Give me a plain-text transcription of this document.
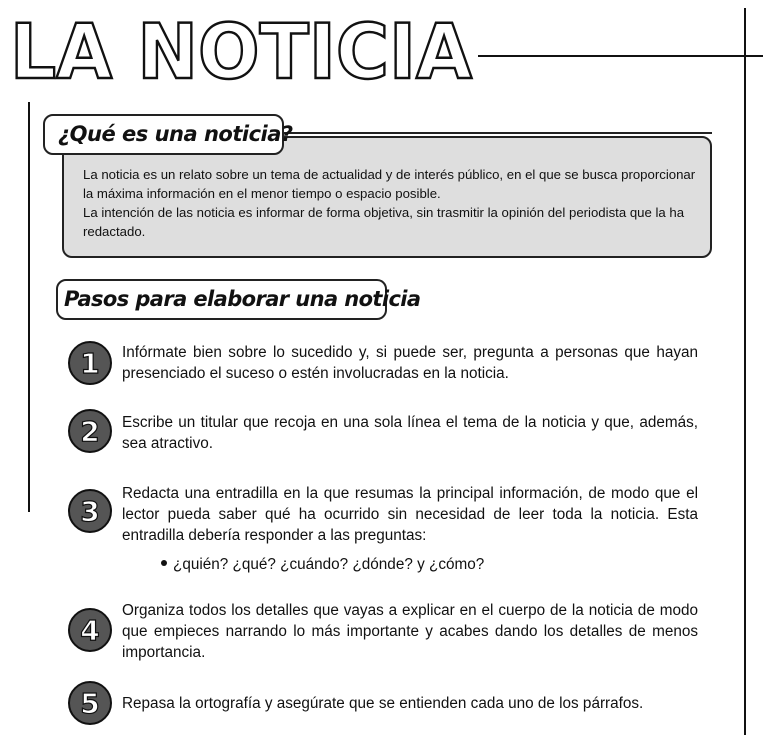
LA NOTICIA

La noticia es un relato sobre un tema de actualidad y de interés público, en el que se busca proporcionar la máxima información en el menor tiempo o espacio posible.

La intención de las noticia es informar de forma objetiva, sin trasmitir la opinión del periodista que la ha redactado.

¿Qué es una noticia?
Pasos para elaborar una noticia
1 Infórmate bien sobre lo sucedido y, si puede ser, pregunta a personas que hayan presenciado el suceso o estén involucradas en la noticia.
2 Escribe un titular que recoja en una sola línea el tema de la noticia y que, además, sea atractivo.
3
Redacta una entradilla en la que resumas la principal información, de modo que el lector pueda saber qué ha ocurrido sin necesidad de leer toda la noticia. Esta entradilla debería responder a las preguntas:
¿quién? ¿qué? ¿cuándo? ¿dónde? y ¿cómo?
4
Organiza todos los detalles que vayas a explicar en el cuerpo de la noticia de modo que empieces narrando lo más importante y acabes dando los detalles de menos importancia.
5 Repasa la ortografía y asegúrate que se entienden cada uno de los párrafos.
